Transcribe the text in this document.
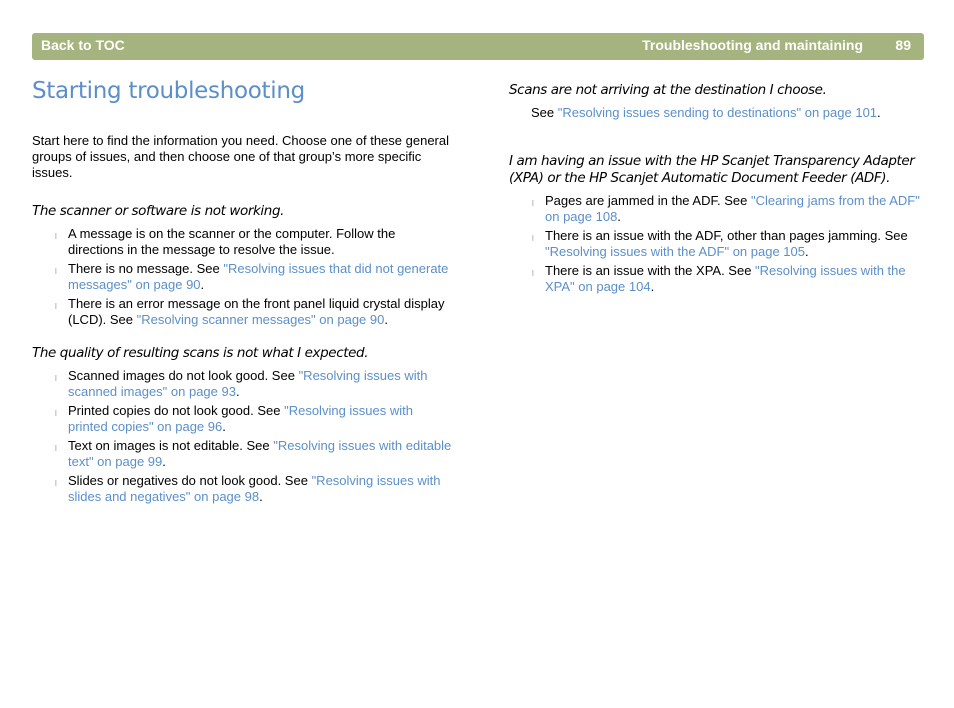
Back to TOC	Troubleshooting and maintaining 89
Starting troubleshooting

Start here to find the information you need. Choose one of these general groups of issues, and then choose one of that group’s more specific issues.

The scanner or software is not working.
l A message is on the scanner or the computer. Follow the directions in the message to resolve the issue.
l There is no message. See "Resolving issues that did not generate messages" on page 90.
l There is an error message on the front panel liquid crystal display (LCD). See "Resolving scanner messages" on page 90.
The quality of resulting scans is not what I expected.
l Scanned images do not look good. See "Resolving issues with scanned images" on page 93.
l Printed copies do not look good. See "Resolving issues with printed copies" on page 96.
l Text on images is not editable. See "Resolving issues with editable text" on page 99.
l Slides or negatives do not look good. See "Resolving issues with slides and negatives" on page 98.
Scans are not arriving at the destination I choose.

See "Resolving issues sending to destinations" on page 101.

I am having an issue with the HP Scanjet Transparency Adapter (XPA) or the HP Scanjet Automatic Document Feeder (ADF).
l Pages are jammed in the ADF. See "Clearing jams from the ADF" on page 108.
l There is an issue with the ADF, other than pages jamming. See "Resolving issues with the ADF" on page 105.
l There is an issue with the XPA. See "Resolving issues with the XPA" on page 104.
